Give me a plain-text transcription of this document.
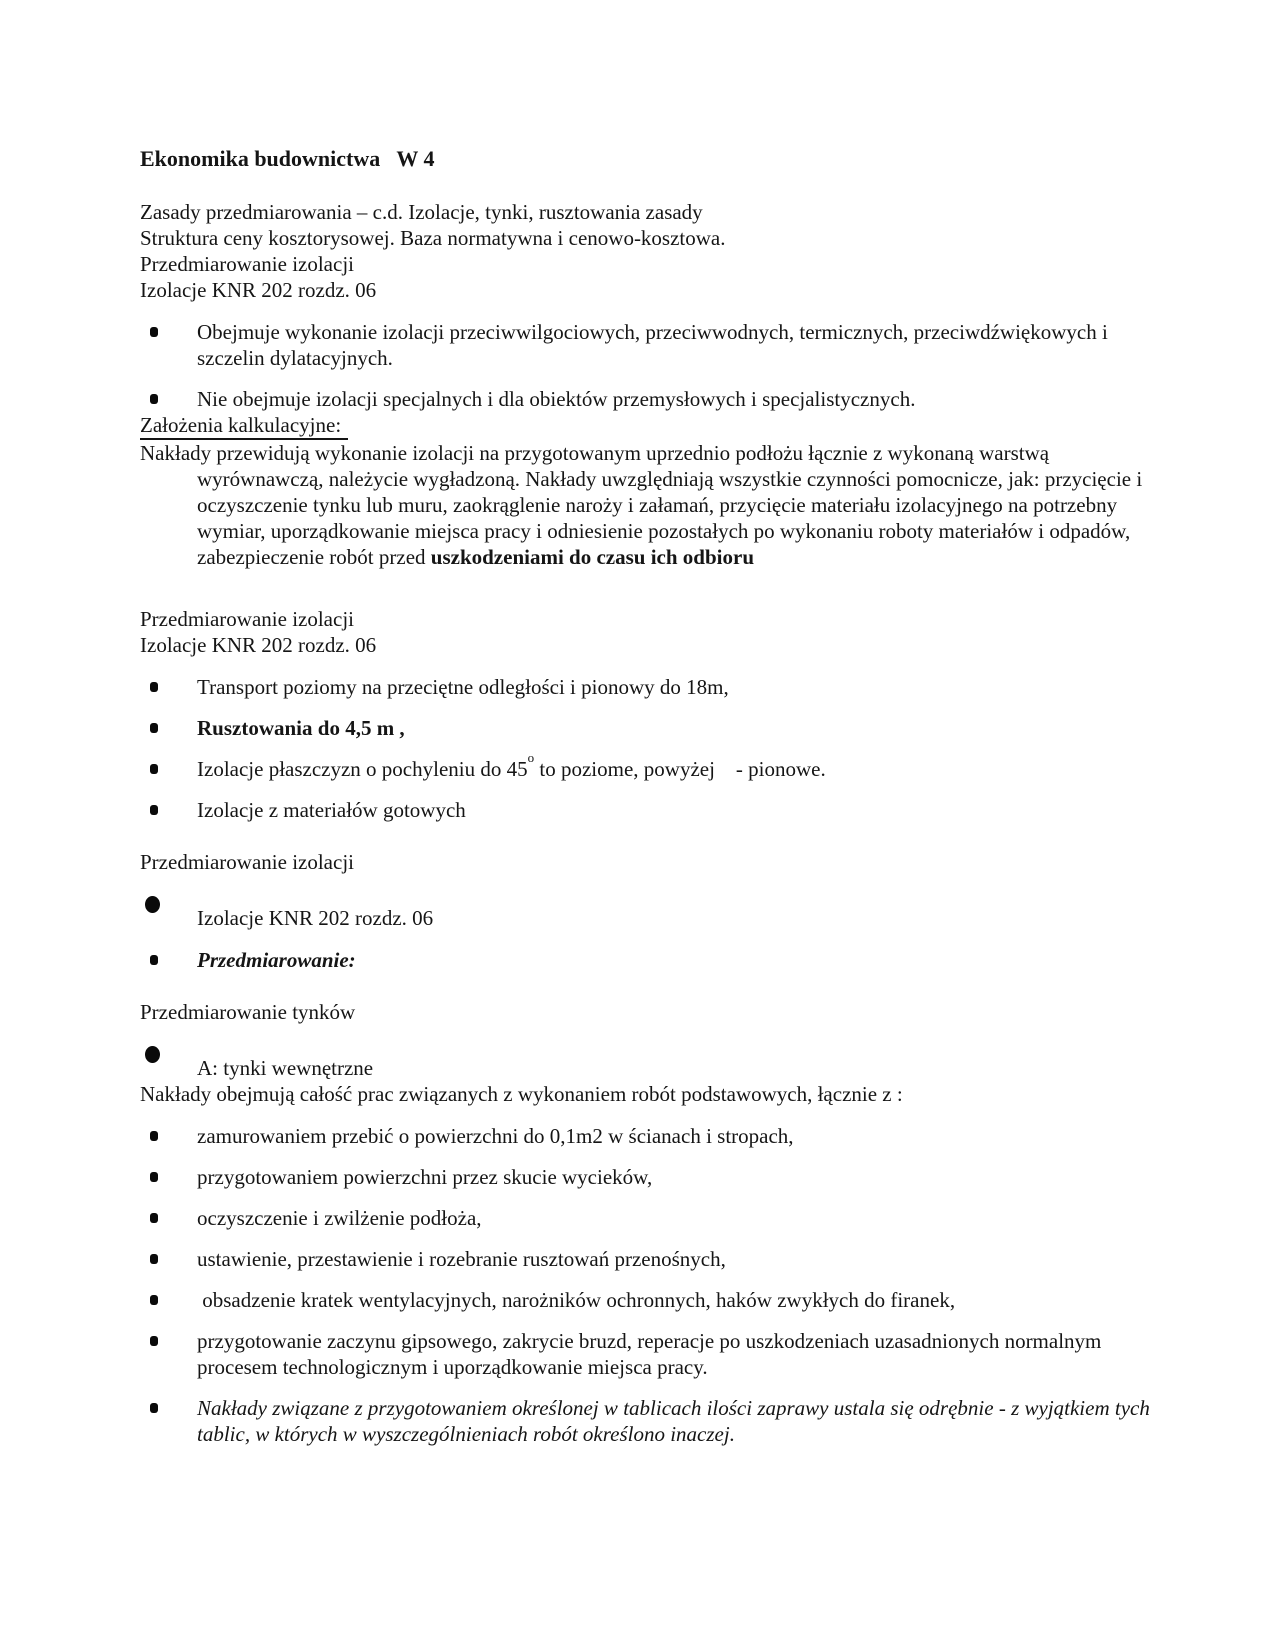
Ekonomika budownictwa   W 4

Zasady przedmiarowania – c.d. Izolacje, tynki, rusztowania zasady

Struktura ceny kosztorysowej. Baza normatywna i cenowo-kosztowa.

Przedmiarowanie izolacji

Izolacje KNR 202 rozdz. 06

Obejmuje wykonanie izolacji przeciwwilgociowych, przeciwwodnych, termicznych, przeciwdźwiękowych i szczelin dylatacyjnych.
Nie obejmuje izolacji specjalnych i dla obiektów przemysłowych i specjalistycznych.

Założenia kalkulacyjne:

Nakłady przewidują wykonanie izolacji na przygotowanym uprzednio podłożu łącznie z wykonaną warstwą wyrównawczą, należycie wygładzoną. Nakłady uwzględniają wszystkie czynności pomocnicze, jak: przycięcie i oczyszczenie tynku lub muru, zaokrąglenie naroży i załamań, przycięcie materiału izolacyjnego na potrzebny wymiar, uporządkowanie miejsca pracy i odniesienie pozostałych po wykonaniu roboty materiałów i odpadów, zabezpieczenie robót przed uszkodzeniami do czasu ich odbioru

Przedmiarowanie izolacji

Izolacje KNR 202 rozdz. 06

Transport poziomy na przeciętne odległości i pionowy do 18m,
Rusztowania do 4,5 m ,
Izolacje płaszczyzn o pochyleniu do 45$^o$ to poziome, powyżej    - pionowe.
Izolacje z materiałów gotowych

Przedmiarowanie izolacji

Izolacje KNR 202 rozdz. 06
Przedmiarowanie:

Przedmiarowanie tynków

A: tynki wewnętrzne

Nakłady obejmują całość prac związanych z wykonaniem robót podstawowych, łącznie z :

zamurowaniem przebić o powierzchni do 0,1m2 w ścianach i stropach,
przygotowaniem powierzchni przez skucie wycieków,
oczyszczenie i zwilżenie podłoża,
ustawienie, przestawienie i rozebranie rusztowań przenośnych,
obsadzenie kratek wentylacyjnych, narożników ochronnych, haków zwykłych do firanek,
przygotowanie zaczynu gipsowego, zakrycie bruzd, reperacje po uszkodzeniach uzasadnionych normalnym procesem technologicznym i uporządkowanie miejsca pracy.
Nakłady związane z przygotowaniem określonej w tablicach ilości zaprawy ustala się odrębnie - z wyjątkiem tych tablic, w których w wyszczególnieniach robót określono inaczej.
